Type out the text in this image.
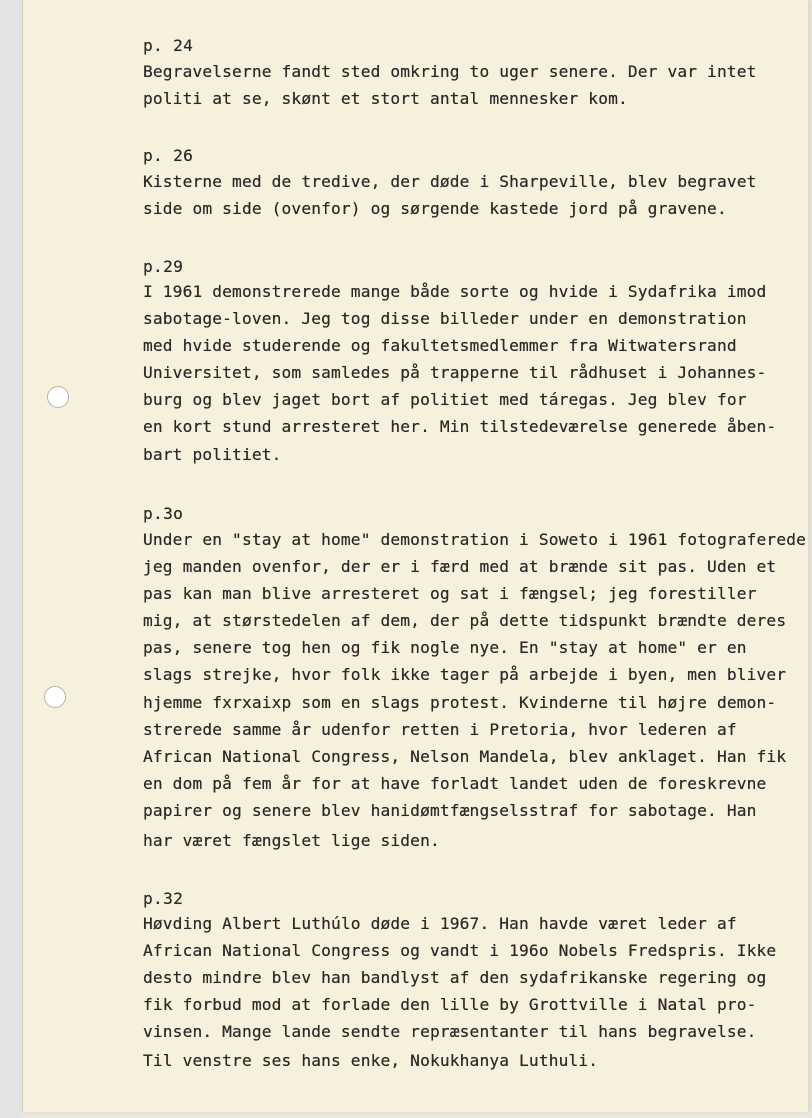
p. 24
Begravelserne fandt sted omkring to uger senere. Der var intet
politi at se, skønt et stort antal mennesker kom.
p. 26
Kisterne med de tredive, der døde i Sharpeville, blev begravet
side om side (ovenfor) og sørgende kastede jord på gravene.
p.29
I 1961 demonstrerede mange både sorte og hvide i Sydafrika imod
sabotage-loven. Jeg tog disse billeder under en demonstration
med hvide studerende og fakultetsmedlemmer fra Witwatersrand
Universitet, som samledes på trapperne til rådhuset i Johannes-
burg og blev jaget bort af politiet med táregas. Jeg blev for
en kort stund arresteret her. Min tilstedeværelse generede åben-
bart politiet.
p.3o
Under en "stay at home" demonstration i Soweto i 1961 fotograferede
jeg manden ovenfor, der er i færd med at brænde sit pas. Uden et
pas kan man blive arresteret og sat i fængsel; jeg forestiller
mig, at størstedelen af dem, der på dette tidspunkt brændte deres
pas, senere tog hen og fik nogle nye. En "stay at home" er en
slags strejke, hvor folk ikke tager på arbejde i byen, men bliver
hjemme fxrxaixp som en slags protest. Kvinderne til højre demon-
strerede samme år udenfor retten i Pretoria, hvor lederen af
African National Congress, Nelson Mandela, blev anklaget. Han fik
en dom på fem år for at have forladt landet uden de foreskrevne
papirer og senere blev hanidømtfængselsstraf for sabotage. Han
har været fængslet lige siden.
p.32
Høvding Albert Luthúlo døde i 1967. Han havde været leder af
African National Congress og vandt i 196o Nobels Fredspris. Ikke
desto mindre blev han bandlyst af den sydafrikanske regering og
fik forbud mod at forlade den lille by Grottville i Natal pro-
vinsen. Mange lande sendte repræsentanter til hans begravelse.
Til venstre ses hans enke, Nokukhanya Luthuli.
